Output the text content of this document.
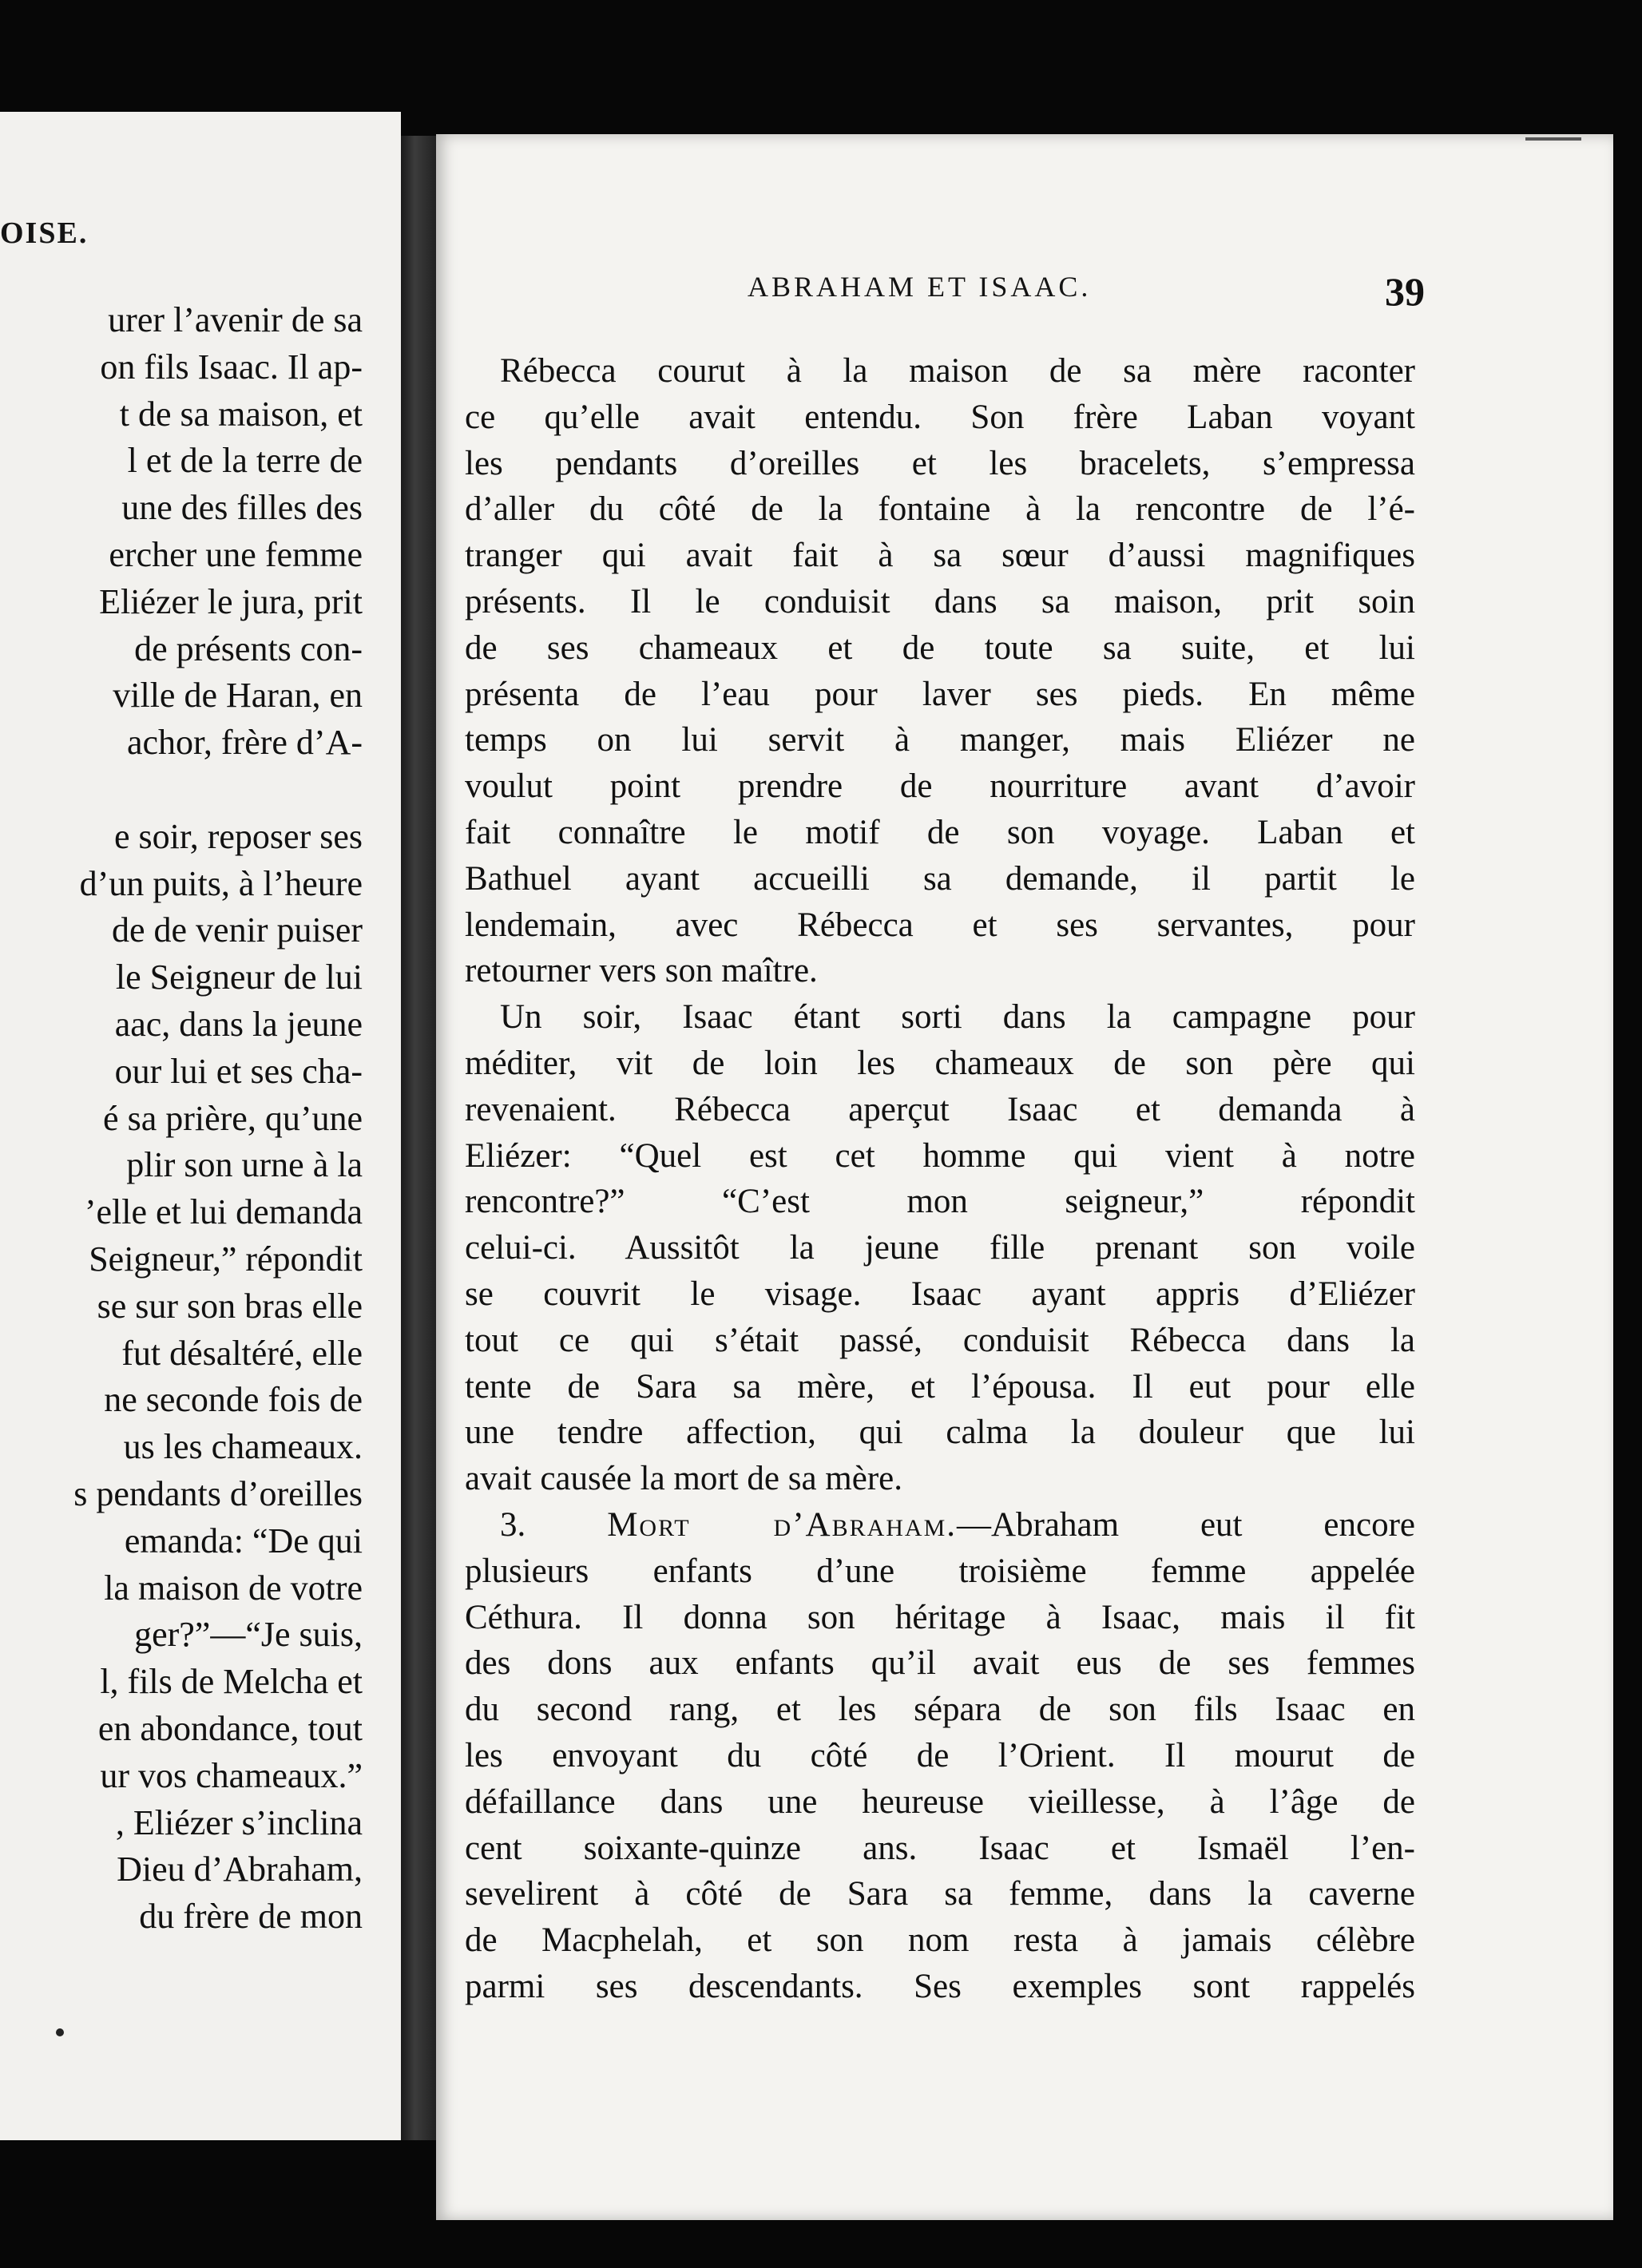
OISE.
urer l’avenir de sa
on fils Isaac. Il ap-
t de sa maison, et
l et de la terre de
une des filles des
ercher une femme
Eliézer le jura, prit
de présents con-
ville de Haran, en
achor, frère d’A-
e soir, reposer ses
d’un puits, à l’heure
de de venir puiser
le Seigneur de lui
aac, dans la jeune
our lui et ses cha-
é sa prière, qu’une
plir son urne à la
’elle et lui demanda
Seigneur,” répondit
se sur son bras elle
fut désaltéré, elle
ne seconde fois de
us les chameaux.
s pendants d’oreilles
emanda: “De qui
la maison de votre
ger?”—“Je suis,
l, fils de Melcha et
en abondance, tout
ur vos chameaux.”
, Eliézer s’inclina
Dieu d’Abraham,
du frère de mon
ABRAHAM ET ISAAC.	39
Rébecca courut à la maison de sa mère raconter
ce qu’elle avait entendu. Son frère Laban voyant
les pendants d’oreilles et les bracelets, s’empressa
d’aller du côté de la fontaine à la rencontre de l’é-
tranger qui avait fait à sa sœur d’aussi magnifiques
présents. Il le conduisit dans sa maison, prit soin
de ses chameaux et de toute sa suite, et lui
présenta de l’eau pour laver ses pieds. En même
temps on lui servit à manger, mais Eliézer ne
voulut point prendre de nourriture avant d’avoir
fait connaître le motif de son voyage. Laban et
Bathuel ayant accueilli sa demande, il partit le
lendemain, avec Rébecca et ses servantes, pour
retourner vers son maître.
Un soir, Isaac étant sorti dans la campagne pour
méditer, vit de loin les chameaux de son père qui
revenaient. Rébecca aperçut Isaac et demanda à
Eliézer: “Quel est cet homme qui vient à notre
rencontre?” “C’est mon seigneur,” répondit
celui-ci. Aussitôt la jeune fille prenant son voile
se couvrit le visage. Isaac ayant appris d’Eliézer
tout ce qui s’était passé, conduisit Rébecca dans la
tente de Sara sa mère, et l’épousa. Il eut pour elle
une tendre affection, qui calma la douleur que lui
avait causée la mort de sa mère.
3. Mort d’Abraham.—Abraham eut encore
plusieurs enfants d’une troisième femme appelée
Céthura. Il donna son héritage à Isaac, mais il fit
des dons aux enfants qu’il avait eus de ses femmes
du second rang, et les sépara de son fils Isaac en
les envoyant du côté de l’Orient. Il mourut de
défaillance dans une heureuse vieillesse, à l’âge de
cent soixante-quinze ans. Isaac et Ismaël l’en-
sevelirent à côté de Sara sa femme, dans la caverne
de Macphelah, et son nom resta à jamais célèbre
parmi ses descendants. Ses exemples sont rappelés
